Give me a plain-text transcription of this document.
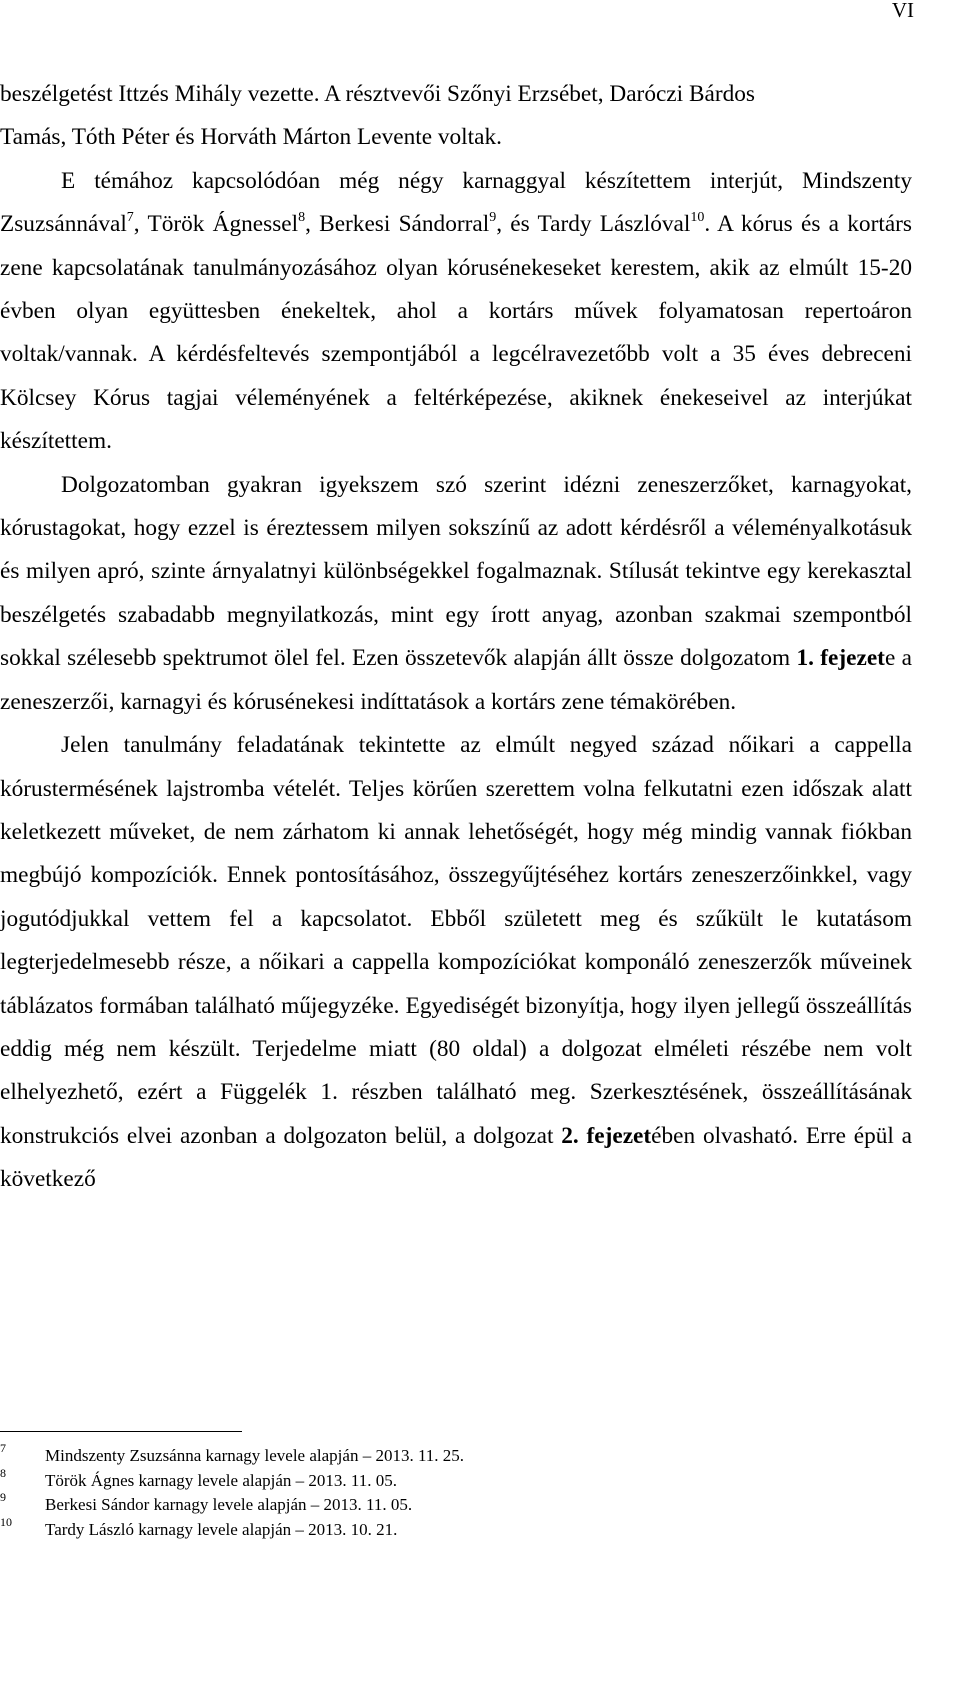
VI

beszélgetést Ittzés Mihály vezette. A résztvevői Szőnyi Erzsébet, Daróczi Bárdos

Tamás, Tóth Péter és Horváth Márton Levente voltak.

E témához kapcsolódóan még négy karnaggyal készítettem interjút, Mindszenty Zsuzsánnával$^7$, Török Ágnessel$^8$, Berkesi Sándorral$^9$, és Tardy Lászlóval$^{10}$. A kórus és a kortárs zene kapcsolatának tanulmányozásához olyan kórusénekeseket kerestem, akik az elmúlt 15-20 évben olyan együttesben énekeltek, ahol a kortárs művek folyamatosan repertoáron voltak/vannak. A kérdésfeltevés szempontjából a legcélravezetőbb volt a 35 éves debreceni Kölcsey Kórus tagjai véleményének a feltérképezése, akiknek énekeseivel az interjúkat készítettem.

Dolgozatomban gyakran igyekszem szó szerint idézni zeneszerzőket, karnagyokat, kórustagokat, hogy ezzel is éreztessem milyen sokszínű az adott kérdésről a véleményalkotásuk és milyen apró, szinte árnyalatnyi különbségekkel fogalmaznak. Stílusát tekintve egy kerekasztal beszélgetés szabadabb megnyilatkozás, mint egy írott anyag, azonban szakmai szempontból sokkal szélesebb spektrumot ölel fel. Ezen összetevők alapján állt össze dolgozatom 1. fejezete a zeneszerzői, karnagyi és kórusénekesi indíttatások a kortárs zene témakörében.

Jelen tanulmány feladatának tekintette az elmúlt negyed század nőikari a cappella kórustermésének lajstromba vételét. Teljes körűen szerettem volna felkutatni ezen időszak alatt keletkezett műveket, de nem zárhatom ki annak lehetőségét, hogy még mindig vannak fiókban megbújó kompozíciók. Ennek pontosításához, összegyűjtéséhez kortárs zeneszerzőinkkel, vagy jogutódjukkal vettem fel a kapcsolatot. Ebből született meg és szűkült le kutatásom legterjedelmesebb része, a nőikari a cappella kompozíciókat komponáló zeneszerzők műveinek táblázatos formában található műjegyzéke. Egyediségét bizonyítja, hogy ilyen jellegű összeállítás eddig még nem készült. Terjedelme miatt (80 oldal) a dolgozat elméleti részébe nem volt elhelyezhető, ezért a Függelék 1. részben található meg. Szerkesztésének, összeállításának konstrukciós elvei azonban a dolgozaton belül, a dolgozat 2. fejezetében olvasható. Erre épül a következő

7 Mindszenty Zsuzsánna karnagy levele alapján – 2013. 11. 25.
8 Török Ágnes karnagy levele alapján – 2013. 11. 05.
9 Berkesi Sándor karnagy levele alapján – 2013. 11. 05.
10 Tardy László karnagy levele alapján – 2013. 10. 21.
